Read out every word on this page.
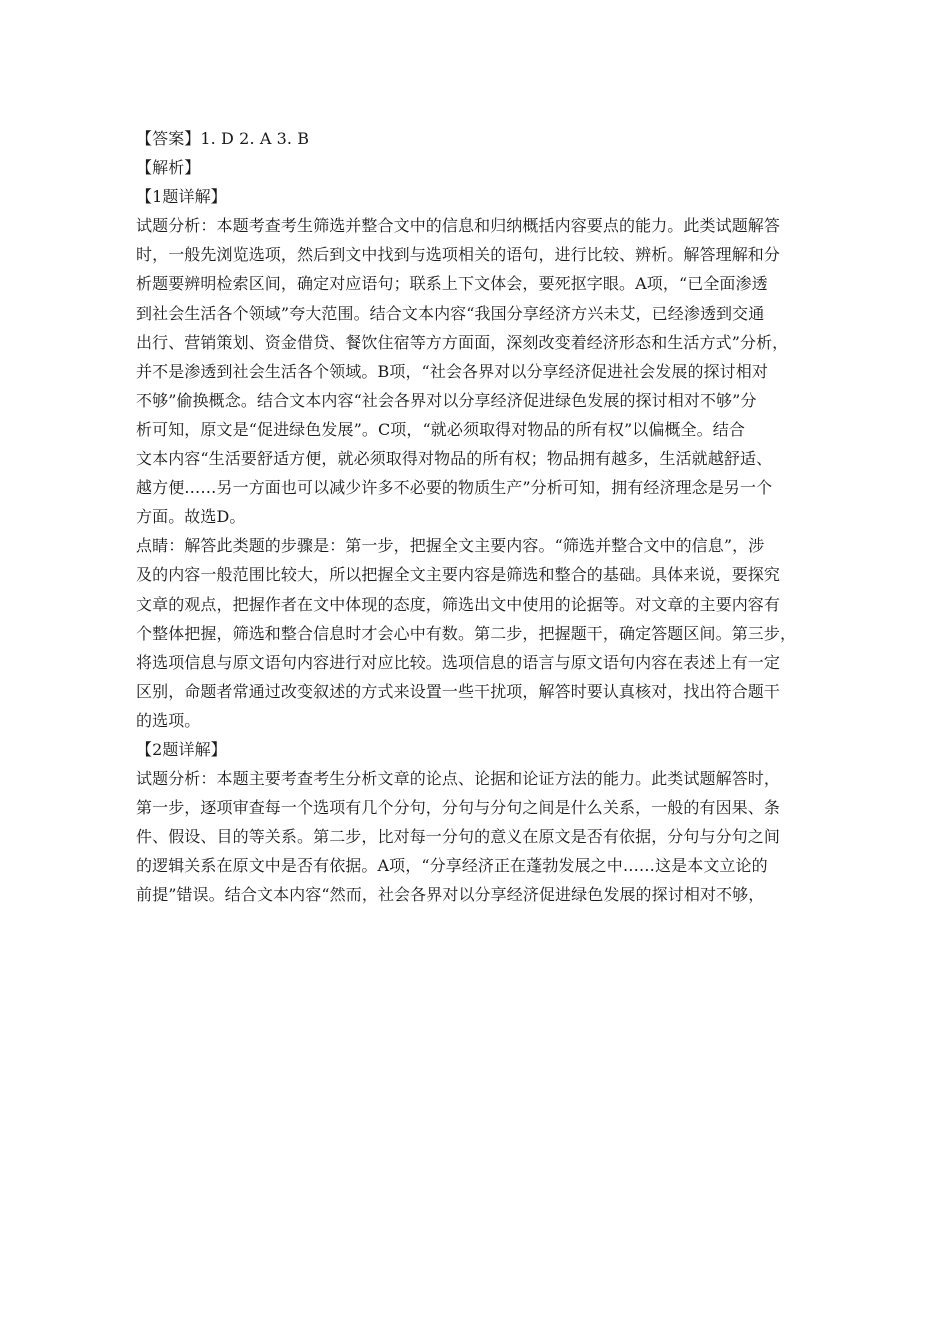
【答案】1. D 2. A 3. B
【解析】
【1题详解】
试题分析：本题考查考生筛选并整合文中的信息和归纳概括内容要点的能力。此类试题解答
时，一般先浏览选项，然后到文中找到与选项相关的语句，进行比较、辨析。解答理解和分
析题要辨明检索区间，确定对应语句；联系上下文体会，要死抠字眼。A项，“已全面渗透
到社会生活各个领域”夸大范围。结合文本内容“我国分享经济方兴未艾，已经渗透到交通
出行、营销策划、资金借贷、餐饮住宿等方方面面，深刻改变着经济形态和生活方式”分析，
并不是渗透到社会生活各个领域。B项，“社会各界对以分享经济促进社会发展的探讨相对
不够”偷换概念。结合文本内容“社会各界对以分享经济促进绿色发展的探讨相对不够”分
析可知，原文是“促进绿色发展”。C项，“就必须取得对物品的所有权”以偏概全。结合
文本内容“生活要舒适方便，就必须取得对物品的所有权；物品拥有越多，生活就越舒适、
越方便……另一方面也可以减少许多不必要的物质生产”分析可知，拥有经济理念是另一个
方面。故选D。
点睛：解答此类题的步骤是：第一步，把握全文主要内容。“筛选并整合文中的信息”，涉
及的内容一般范围比较大，所以把握全文主要内容是筛选和整合的基础。具体来说，要探究
文章的观点，把握作者在文中体现的态度，筛选出文中使用的论据等。对文章的主要内容有
个整体把握，筛选和整合信息时才会心中有数。第二步，把握题干，确定答题区间。第三步，
将选项信息与原文语句内容进行对应比较。选项信息的语言与原文语句内容在表述上有一定
区别，命题者常通过改变叙述的方式来设置一些干扰项，解答时要认真核对，找出符合题干
的选项。
【2题详解】
试题分析：本题主要考查考生分析文章的论点、论据和论证方法的能力。此类试题解答时，
第一步，逐项审查每一个选项有几个分句，分句与分句之间是什么关系，一般的有因果、条
件、假设、目的等关系。第二步，比对每一分句的意义在原文是否有依据，分句与分句之间
的逻辑关系在原文中是否有依据。A项，“分享经济正在蓬勃发展之中……这是本文立论的
前提”错误。结合文本内容“然而，社会各界对以分享经济促进绿色发展的探讨相对不够，
